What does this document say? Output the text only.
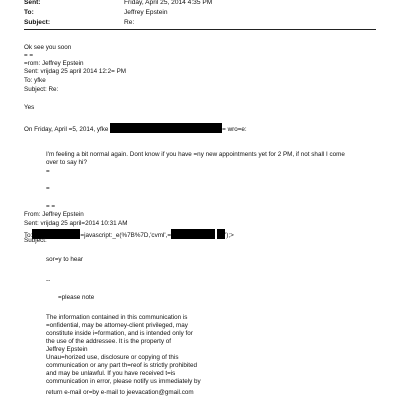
Sent:	Friday, April 25, 2014 4:35 PM
To:	Jeffrey Epstein
Subject:	Re:
Ok see you soon
= =
=rom: Jeffrey Epstein
Sent: vrijdag 25 april 2014 12:2= PM
To: yfke
Subject: Re:
Yes
On Friday, April =5, 2014, yfke	= wro=e:
I'm feeling a bit normal again. Dont know if you have =ny new appointments yet for 2 PM, if not shall I come
over to say hi?
=
=
= =
From: Jeffrey Epstein
Sent: vrijdag 25 april=2014 10:31 AM
To:	=javascript:_e(%7B%7D,'cvml',=	');>
Subject:
sor=y to hear
--
=please note
The information contained in this communication is
=onfidential, may be attorney-client privileged, may
constitute inside i=formation, and is intended only for
the use of the addressee. It is the property of
Jeffrey Epstein
Unau=horized use, disclosure or copying of this
communication or any part th=reof is strictly prohibited
and may be unlawful. If you have received t=is
communication in error, please notify us immediately by
return e-mail or=by e-mail to jeevacation@gmail.com
